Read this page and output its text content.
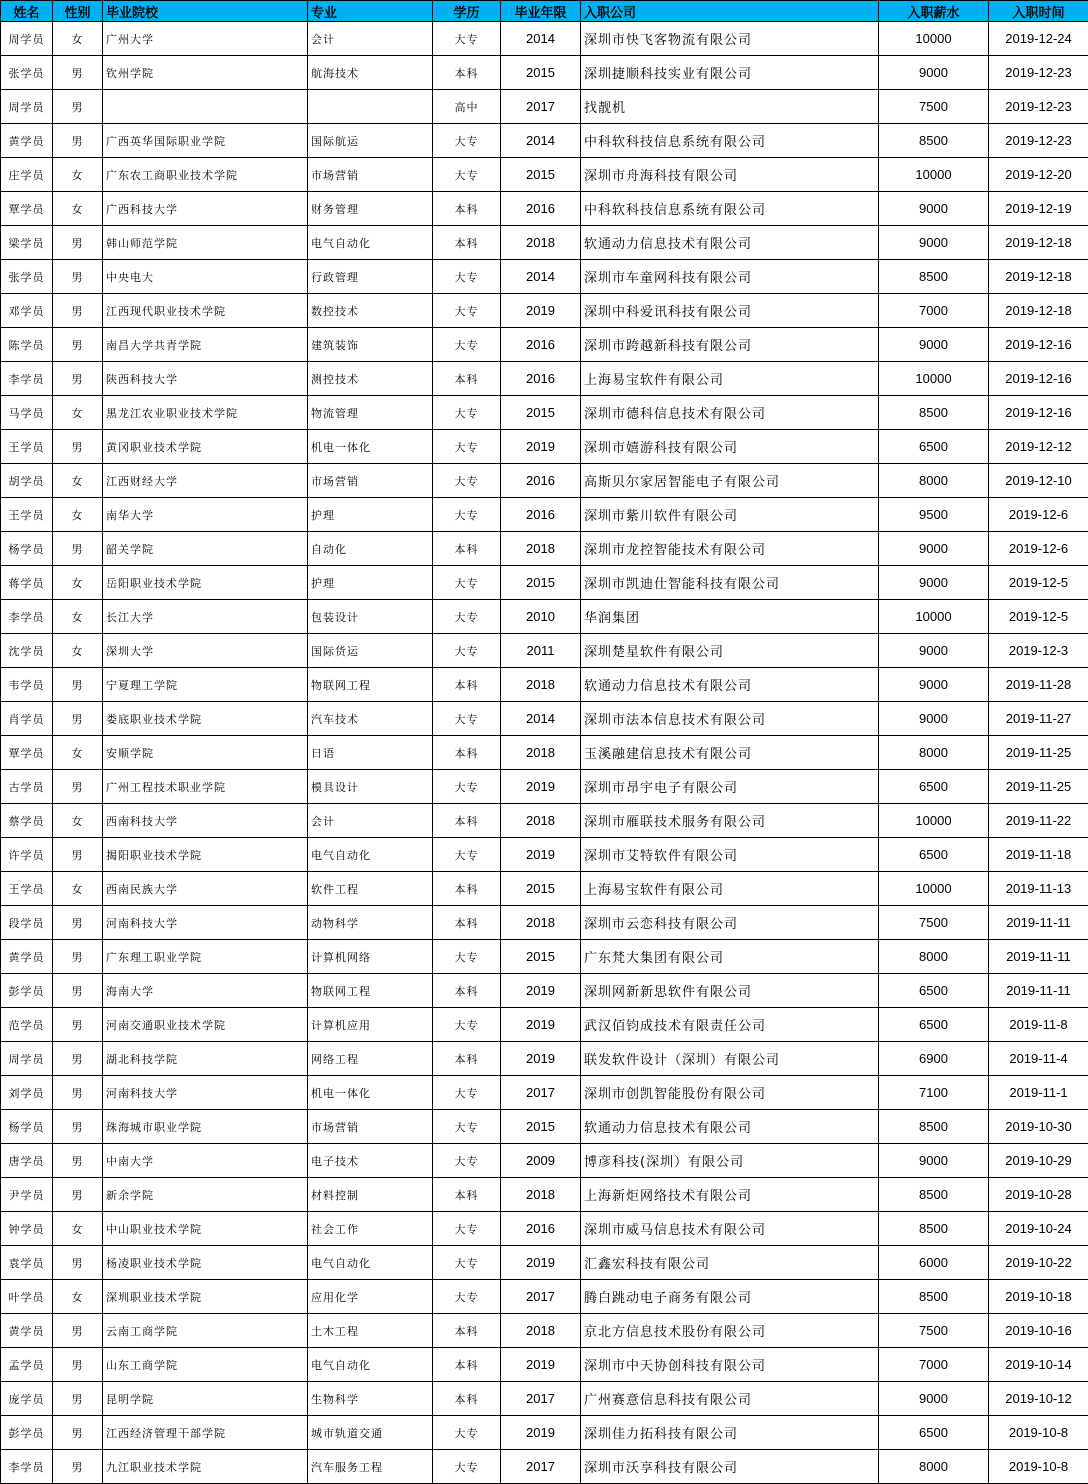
姓名	性别	毕业院校	专业	学历	毕业年限	入职公司	入职薪水	入职时间
周学员	女	广州大学	会计	大专	2014	深圳市快飞客物流有限公司	10000	2019-12-24
张学员	男	钦州学院	航海技术	本科	2015	深圳捷顺科技实业有限公司	9000	2019-12-23
周学员	男			高中	2017	找靓机	7500	2019-12-23
黄学员	男	广西英华国际职业学院	国际航运	大专	2014	中科软科技信息系统有限公司	8500	2019-12-23
庄学员	女	广东农工商职业技术学院	市场营销	大专	2015	深圳市舟海科技有限公司	10000	2019-12-20
覃学员	女	广西科技大学	财务管理	本科	2016	中科软科技信息系统有限公司	9000	2019-12-19
梁学员	男	韩山师范学院	电气自动化	本科	2018	软通动力信息技术有限公司	9000	2019-12-18
张学员	男	中央电大	行政管理	大专	2014	深圳市车童网科技有限公司	8500	2019-12-18
邓学员	男	江西现代职业技术学院	数控技术	大专	2019	深圳中科爱讯科技有限公司	7000	2019-12-18
陈学员	男	南昌大学共青学院	建筑装饰	大专	2016	深圳市跨越新科技有限公司	9000	2019-12-16
李学员	男	陕西科技大学	测控技术	本科	2016	上海易宝软件有限公司	10000	2019-12-16
马学员	女	黑龙江农业职业技术学院	物流管理	大专	2015	深圳市德科信息技术有限公司	8500	2019-12-16
王学员	男	黄冈职业技术学院	机电一体化	大专	2019	深圳市嬉游科技有限公司	6500	2019-12-12
胡学员	女	江西财经大学	市场营销	大专	2016	高斯贝尔家居智能电子有限公司	8000	2019-12-10
王学员	女	南华大学	护理	大专	2016	深圳市紫川软件有限公司	9500	2019-12-6
杨学员	男	韶关学院	自动化	本科	2018	深圳市龙控智能技术有限公司	9000	2019-12-6
蒋学员	女	岳阳职业技术学院	护理	大专	2015	深圳市凯迪仕智能科技有限公司	9000	2019-12-5
李学员	女	长江大学	包装设计	大专	2010	华润集团	10000	2019-12-5
沈学员	女	深圳大学	国际货运	大专	2011	深圳楚星软件有限公司	9000	2019-12-3
韦学员	男	宁夏理工学院	物联网工程	本科	2018	软通动力信息技术有限公司	9000	2019-11-28
肖学员	男	娄底职业技术学院	汽车技术	大专	2014	深圳市法本信息技术有限公司	9000	2019-11-27
覃学员	女	安顺学院	日语	本科	2018	玉溪融建信息技术有限公司	8000	2019-11-25
古学员	男	广州工程技术职业学院	模具设计	大专	2019	深圳市昂宇电子有限公司	6500	2019-11-25
蔡学员	女	西南科技大学	会计	本科	2018	深圳市雁联技术服务有限公司	10000	2019-11-22
许学员	男	揭阳职业技术学院	电气自动化	大专	2019	深圳市艾特软件有限公司	6500	2019-11-18
王学员	女	西南民族大学	软件工程	本科	2015	上海易宝软件有限公司	10000	2019-11-13
段学员	男	河南科技大学	动物科学	本科	2018	深圳市云恋科技有限公司	7500	2019-11-11
黄学员	男	广东理工职业学院	计算机网络	大专	2015	广东梵大集团有限公司	8000	2019-11-11
彭学员	男	海南大学	物联网工程	本科	2019	深圳网新新思软件有限公司	6500	2019-11-11
范学员	男	河南交通职业技术学院	计算机应用	大专	2019	武汉佰钧成技术有限责任公司	6500	2019-11-8
周学员	男	湖北科技学院	网络工程	本科	2019	联发软件设计（深圳）有限公司	6900	2019-11-4
刘学员	男	河南科技大学	机电一体化	大专	2017	深圳市创凯智能股份有限公司	7100	2019-11-1
杨学员	男	珠海城市职业学院	市场营销	大专	2015	软通动力信息技术有限公司	8500	2019-10-30
唐学员	男	中南大学	电子技术	大专	2009	博彦科技(深圳）有限公司	9000	2019-10-29
尹学员	男	新余学院	材料控制	本科	2018	上海新炬网络技术有限公司	8500	2019-10-28
钟学员	女	中山职业技术学院	社会工作	大专	2016	深圳市威马信息技术有限公司	8500	2019-10-24
袁学员	男	杨凌职业技术学院	电气自动化	大专	2019	汇鑫宏科技有限公司	6000	2019-10-22
叶学员	女	深圳职业技术学院	应用化学	大专	2017	腾白跳动电子商务有限公司	8500	2019-10-18
黄学员	男	云南工商学院	土木工程	本科	2018	京北方信息技术股份有限公司	7500	2019-10-16
孟学员	男	山东工商学院	电气自动化	本科	2019	深圳市中天协创科技有限公司	7000	2019-10-14
庞学员	男	昆明学院	生物科学	本科	2017	广州赛意信息科技有限公司	9000	2019-10-12
彭学员	男	江西经济管理干部学院	城市轨道交通	大专	2019	深圳佳力拓科技有限公司	6500	2019-10-8
李学员	男	九江职业技术学院	汽车服务工程	大专	2017	深圳市沃享科技有限公司	8000	2019-10-8
